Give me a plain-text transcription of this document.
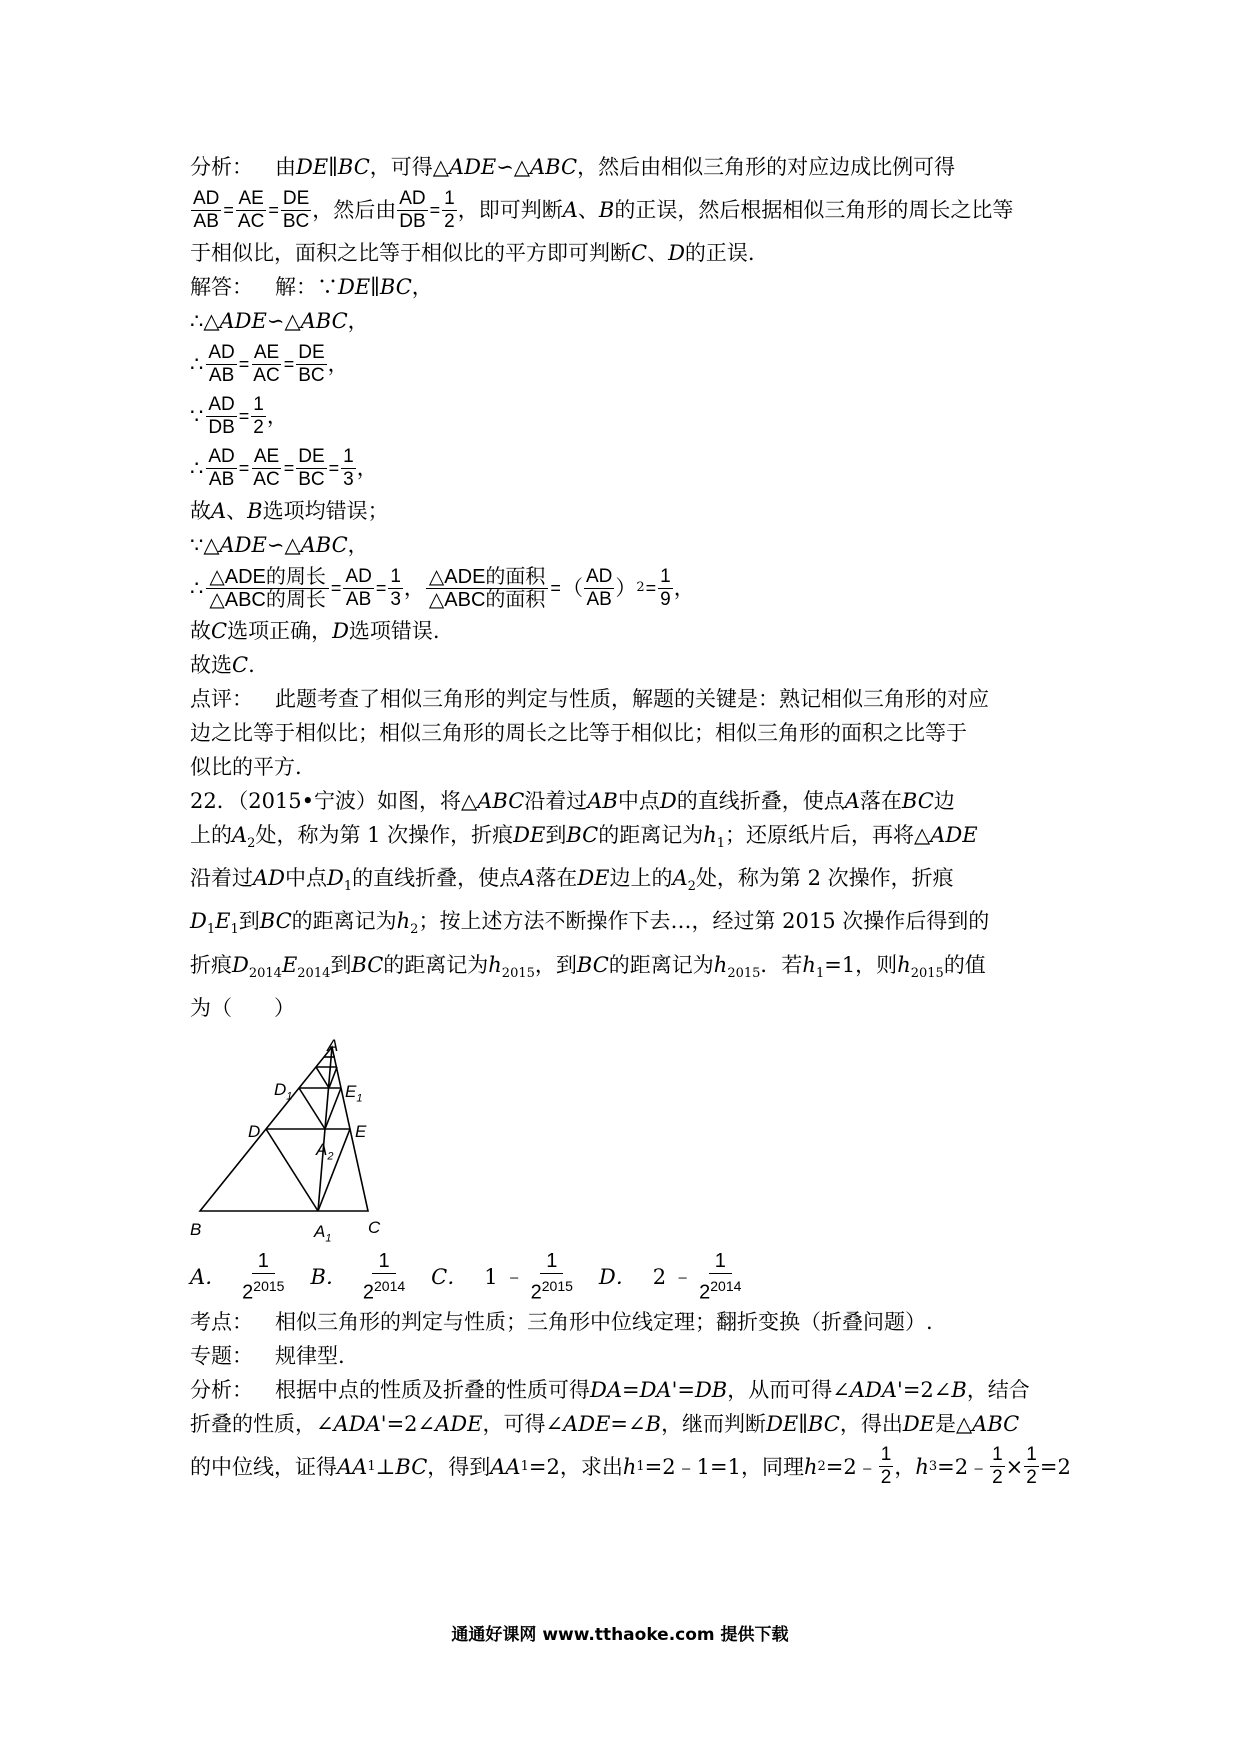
分析： 由DE∥BC，可得△ADE∽△ABC，然后由相似三角形的对应边成比例可得
$\frac{AD}{AB} = \frac{AE}{AC} = \frac{DE}{BC}$ ，然后由 $\frac{AD}{DB} = \frac{1}{2}$ ，即可判断 A 、 B 的正误，然后根据相似三角形的周长之比等
于相似比，面积之比等于相似比的平方即可判断C、D的正误.
解答： 解：∵DE∥BC，
∴△ADE∽△ABC，
∴ $\frac{AD}{AB} = \frac{AE}{AC} = \frac{DE}{BC}$ ，
∵ $\frac{AD}{DB} = \frac{1}{2}$ ，
∴ $\frac{AD}{AB} = \frac{AE}{AC} = \frac{DE}{BC} = \frac{1}{3}$ ，
故A、B选项均错误；
∵△ADE∽△ABC，
∴ $\frac{\text{△ADE的周长}}{\text{△ABC的周长}} = \frac{AD}{AB} = \frac{1}{3}$ ， $\frac{\text{△ADE的面积}}{\text{△ABC的面积}}$ = （ $\frac{AD}{AB}$ ） $2 = \frac{1}{9}$ ，
故C选项正确，D选项错误.
故选C.
点评： 此题考查了相似三角形的判定与性质，解题的关键是：熟记相似三角形的对应
边之比等于相似比；相似三角形的周长之比等于相似比；相似三角形的面积之比等于
似比的平方.
22．（2015•宁波）如图，将△ABC沿着过AB中点D的直线折叠，使点A落在BC边
上的$A_2$处，称为第 1 次操作，折痕DE到BC的距离记为$h_1$；还原纸片后，再将△ADE
沿着过AD中点$D_1$的直线折叠，使点A落在DE边上的$A_2$处，称为第 2 次操作，折痕
$D_1E_1$到BC的距离记为$h_2$；按上述方法不断操作下去…，经过第 2015 次操作后得到的
折痕$D_{2014}E_{2014}$到BC的距离记为$h_{2015}$，到BC的距离记为$h_{2015}$．若$h_1=1$，则$h_{2015}$的值
为（　　）
A
$D_1$	$E_1$
D	E
$A_2$
B	$A_1$
C
A． $\frac{1}{2^{2015}}$ B． $\frac{1}{2^{2014}}$ C． 1 ﹣ $\frac{1}{2^{2015}}$ D． 2 ﹣ $\frac{1}{2^{2014}}$
考点： 相似三角形的判定与性质；三角形中位线定理；翻折变换（折叠问题）.
专题： 规律型.
分析： 根据中点的性质及折叠的性质可得DA=DA'=DB，从而可得∠ADA'=2∠B，结合
折叠的性质，∠ADA'=2∠ADE，可得∠ADE=∠B，继而判断DE∥BC，得出DE是△ABC
的中位线，证得 AA 1 ⊥ BC ，得到 AA 1 =2，求出 h 1 =2﹣1=1，同理 h 2 =2﹣ $\frac{1}{2}$ ， h 3 =2﹣ $\frac{1}{2} \times \frac{1}{2} =2$
通通好课网 www.tthaoke.com 提供下载
